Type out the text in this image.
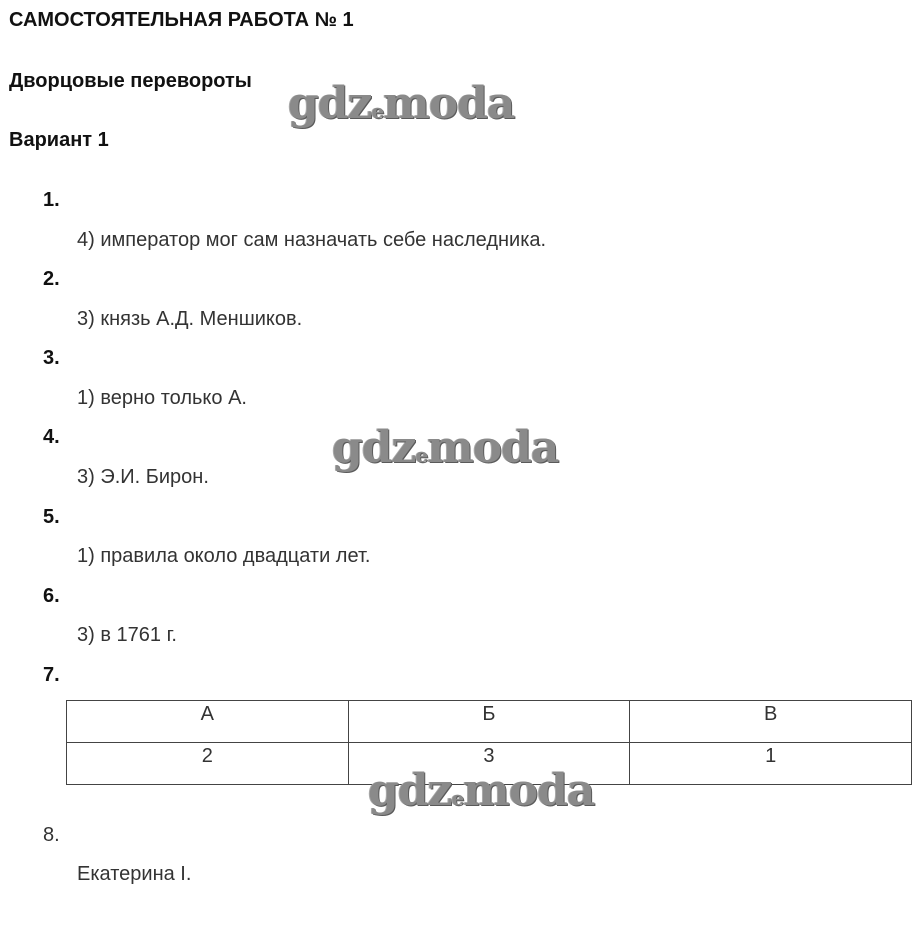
САМОСТОЯТЕЛЬНАЯ РАБОТА № 1
Дворцовые перевороты
Вариант 1
1.
4) император мог сам назначать себе наследника.
2.
3) князь А.Д. Меншиков.
3.
1) верно только А.
4.
3) Э.И. Бирон.
5.
1) правила около двадцати лет.
6.
3) в 1761 г.
7.
А	Б	В
2	3	1
8.
Екатерина I.
gdzemoda
gdzemoda
gdzemoda
